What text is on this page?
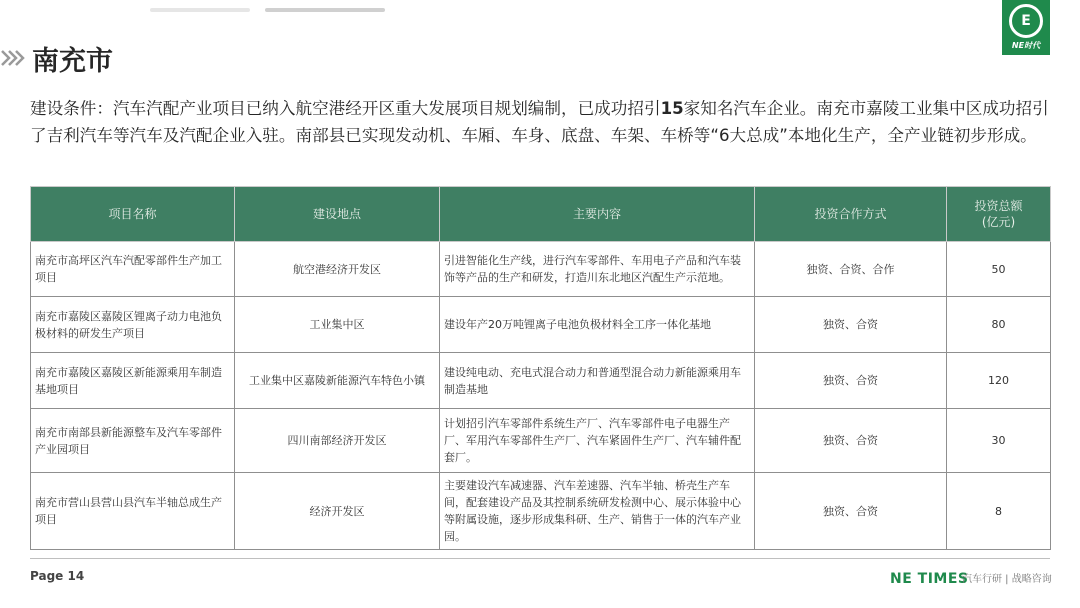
E
NE时代
南充市
建设条件：汽车汽配产业项目已纳入航空港经开区重大发展项目规划编制，已成功招引15家知名汽车企业。南充市嘉陵工业集中区成功招引了吉利汽车等汽车及汽配企业入驻。南部县已实现发动机、车厢、车身、底盘、车架、车桥等“6大总成”本地化生产，全产业链初步形成。
项目名称	建设地点	主要内容	投资合作方式	投资总额
(亿元)
南充市高坪区汽车汽配零部件生产加工项目	航空港经济开发区	引进智能化生产线，进行汽车零部件、车用电子产品和汽车装饰等产品的生产和研发，打造川东北地区汽配生产示范地。	独资、合资、合作	50
南充市嘉陵区嘉陵区锂离子动力电池负极材料的研发生产项目	工业集中区	建设年产20万吨锂离子电池负极材料全工序一体化基地	独资、合资	80
南充市嘉陵区嘉陵区新能源乘用车制造基地项目	工业集中区嘉陵新能源汽车特色小镇	建设纯电动、充电式混合动力和普通型混合动力新能源乘用车制造基地	独资、合资	120
南充市南部县新能源整车及汽车零部件产业园项目	四川南部经济开发区	计划招引汽车零部件系统生产厂、汽车零部件电子电器生产厂、军用汽车零部件生产厂、汽车紧固件生产厂、汽车辅件配套厂。	独资、合资	30
南充市营山县营山县汽车半轴总成生产项目	经济开发区	主要建设汽车减速器、汽车差速器、汽车半轴、桥壳生产车间，配套建设产品及其控制系统研发检测中心、展示体验中心等附属设施，逐步形成集科研、生产、销售于一体的汽车产业园。	独资、合资	8
Page 14	NE TIMES
汽车行研 | 战略咨询
